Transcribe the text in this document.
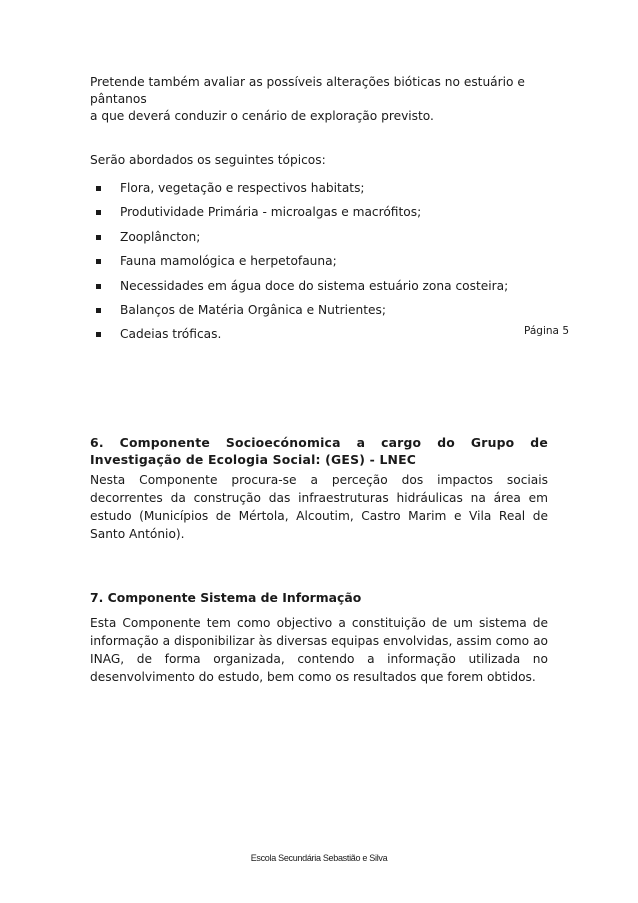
Pretende também avaliar as possíveis alterações bióticas no estuário e
pântanos
a que deverá conduzir o cenário de exploração previsto.

Serão abordados os seguintes tópicos:

Flora, vegetação e respectivos habitats;
Produtividade Primária - microalgas e macrófitos;
Zooplâncton;
Fauna mamológica e herpetofauna;
Necessidades em água doce do sistema estuário zona costeira;
Balanços de Matéria Orgânica e Nutrientes;
Cadeias tróficas.	Página 5
6. Componente Socioecónomica a cargo do Grupo de Investigação de Ecologia Social: (GES) - LNEC

Nesta Componente procura-se a perceção dos impactos sociais decorrentes da construção das infraestruturas hidráulicas na área em estudo (Municípios de Mértola, Alcoutim, Castro Marim e Vila Real de Santo António).

7. Componente Sistema de Informação

Esta Componente tem como objectivo a constituição de um sistema de informação a disponibilizar às diversas equipas envolvidas, assim como ao INAG, de forma organizada, contendo a informação utilizada no desenvolvimento do estudo, bem como os resultados que forem obtidos.

Escola Secundária Sebastião e Silva
